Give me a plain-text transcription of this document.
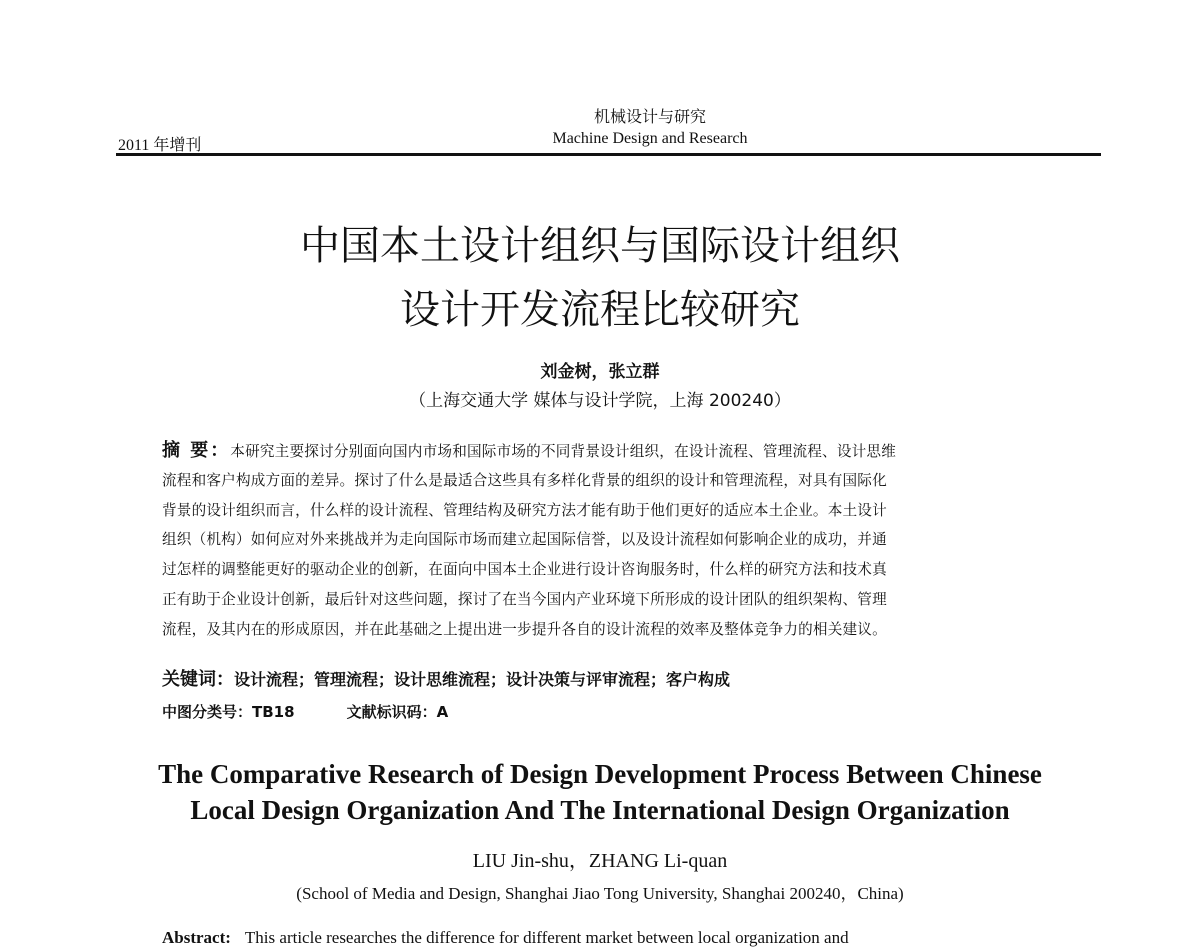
2011 年增刊
机械设计与研究
Machine Design and Research
中国本土设计组织与国际设计组织
设计开发流程比较研究
刘金树，张立群
（上海交通大学 媒体与设计学院，上海 200240）
摘 要：本研究主要探讨分别面向国内市场和国际市场的不同背景设计组织，在设计流程、管理流程、设计思维
流程和客户构成方面的差异。探讨了什么是最适合这些具有多样化背景的组织的设计和管理流程，对具有国际化
背景的设计组织而言，什么样的设计流程、管理结构及研究方法才能有助于他们更好的适应本土企业。本土设计
组织（机构）如何应对外来挑战并为走向国际市场而建立起国际信誉，以及设计流程如何影响企业的成功，并通
过怎样的调整能更好的驱动企业的创新，在面向中国本土企业进行设计咨询服务时，什么样的研究方法和技术真
正有助于企业设计创新，最后针对这些问题，探讨了在当今国内产业环境下所形成的设计团队的组织架构、管理
流程，及其内在的形成原因，并在此基础之上提出进一步提升各自的设计流程的效率及整体竞争力的相关建议。
关键词：设计流程；管理流程；设计思维流程；设计决策与评审流程；客户构成
中图分类号：TB18	文献标识码：A
The Comparative Research of Design Development Process Between Chinese
Local Design Organization And The International Design Organization
LIU Jin-shu，ZHANG Li-quan
(School of Media and Design, Shanghai Jiao Tong University, Shanghai 200240，China)
Abstract: This article researches the difference for different market between local organization and
